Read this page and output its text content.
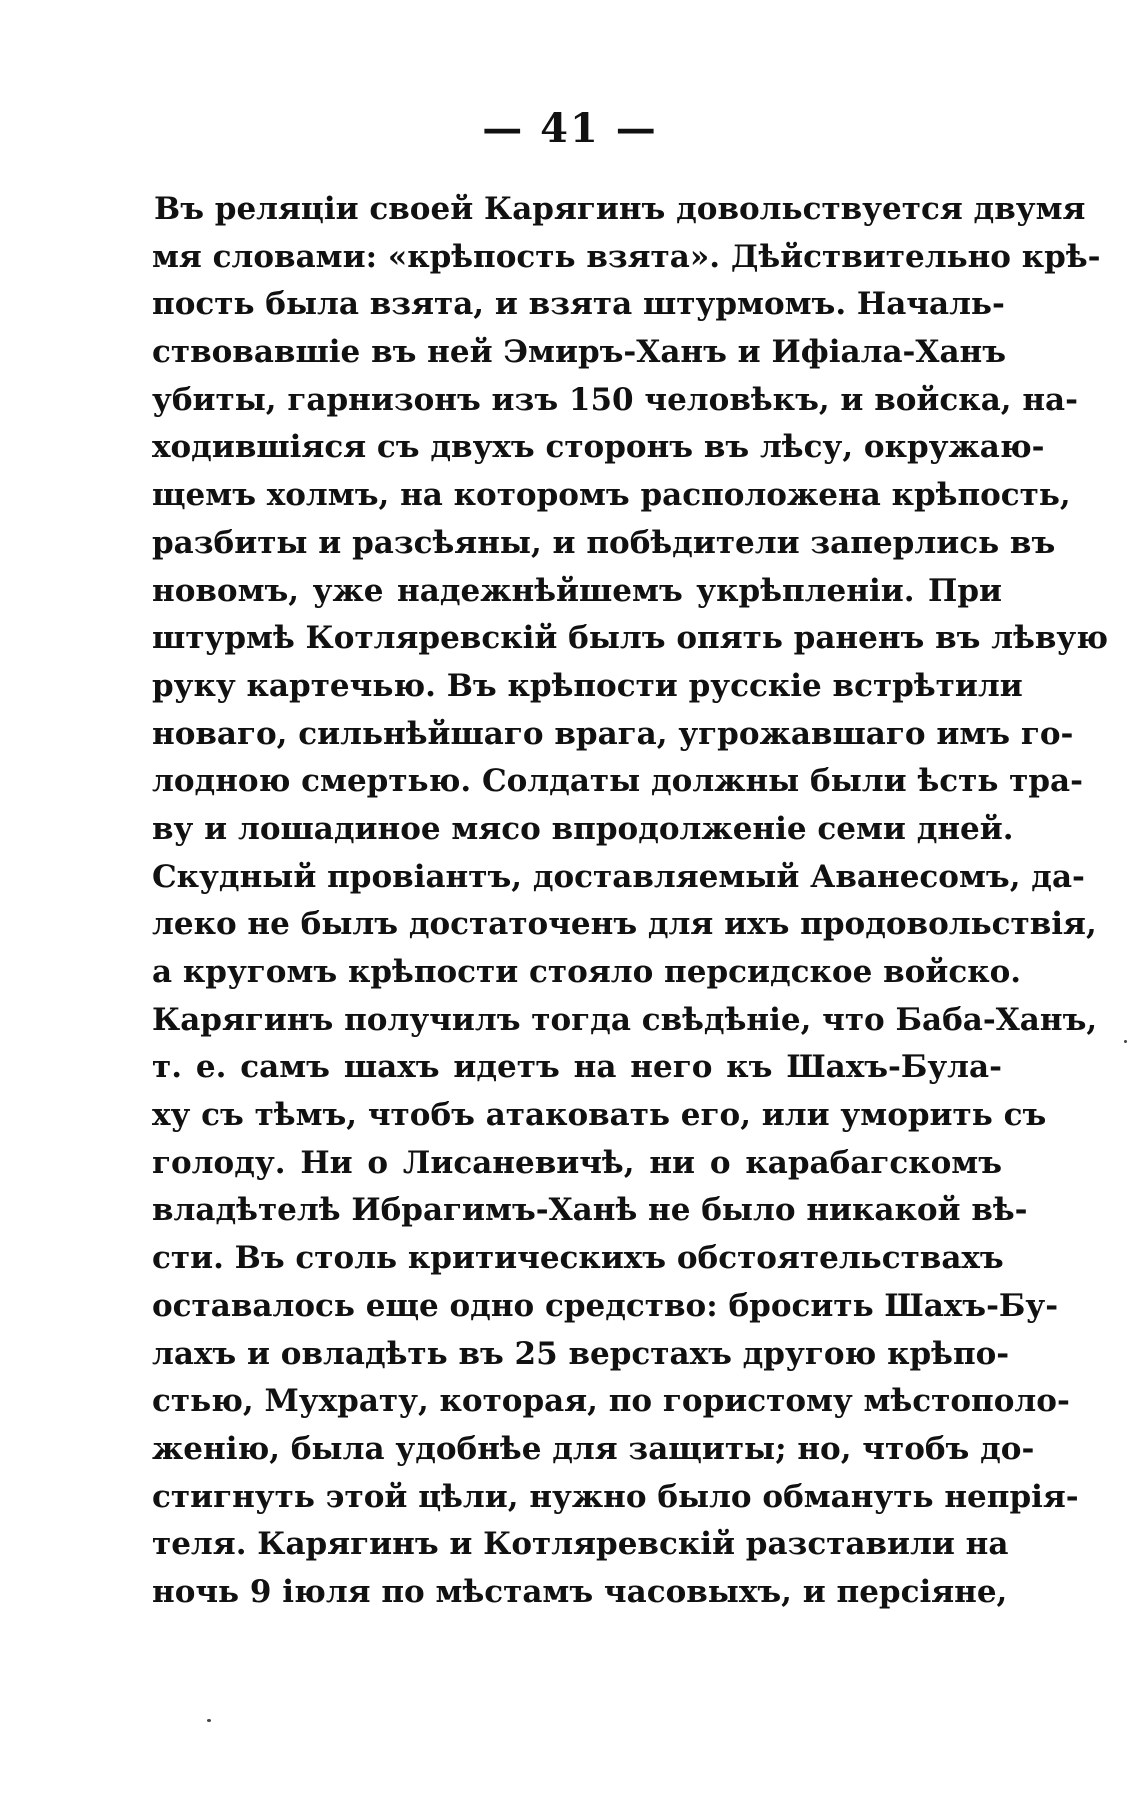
— 41 —
Въ реляціи своей Карягинъ довольствуется двумя
мя словами: «крѣпость взята». Дѣйствительно крѣ-
пость была взята, и взята штурмомъ. Началь-
ствовавшіе въ ней Эмиръ-Ханъ и Ифіала-Ханъ
убиты, гарнизонъ изъ 150 человѣкъ, и войска, на-
ходившіяся съ двухъ сторонъ въ лѣсу, окружаю-
щемъ холмъ, на которомъ расположена крѣпость,
разбиты и разсѣяны, и побѣдители заперлись въ
новомъ, уже надежнѣйшемъ укрѣпленіи. При
штурмѣ Котляревскій былъ опять раненъ въ лѣвую
руку картечью. Въ крѣпости русскіе встрѣтили
новаго, сильнѣйшаго врага, угрожавшаго имъ го-
лодною смертью. Солдаты должны были ѣсть тра-
ву и лошадиное мясо впродолженіе семи дней.
Скудный провіантъ, доставляемый Аванесомъ, да-
леко не былъ достаточенъ для ихъ продовольствія,
а кругомъ крѣпости стояло персидское войско.
Карягинъ получилъ тогда свѣдѣніе, что Баба-Ханъ,
т. е. самъ шахъ идетъ на него къ Шахъ-Була-
ху съ тѣмъ, чтобъ атаковать его, или уморить съ
голоду. Ни о Лисаневичѣ, ни о карабагскомъ
владѣтелѣ Ибрагимъ-Ханѣ не было никакой вѣ-
сти. Въ столь критическихъ обстоятельствахъ
оставалось еще одно средство: бросить Шахъ-Бу-
лахъ и овладѣть въ 25 верстахъ другою крѣпо-
стью, Мухрату, которая, по гористому мѣстополо-
женію, была удобнѣе для защиты; но, чтобъ до-
стигнуть этой цѣли, нужно было обмануть непрія-
теля. Карягинъ и Котляревскій разставили на
ночь 9 іюля по мѣстамъ часовыхъ, и персіяне,
